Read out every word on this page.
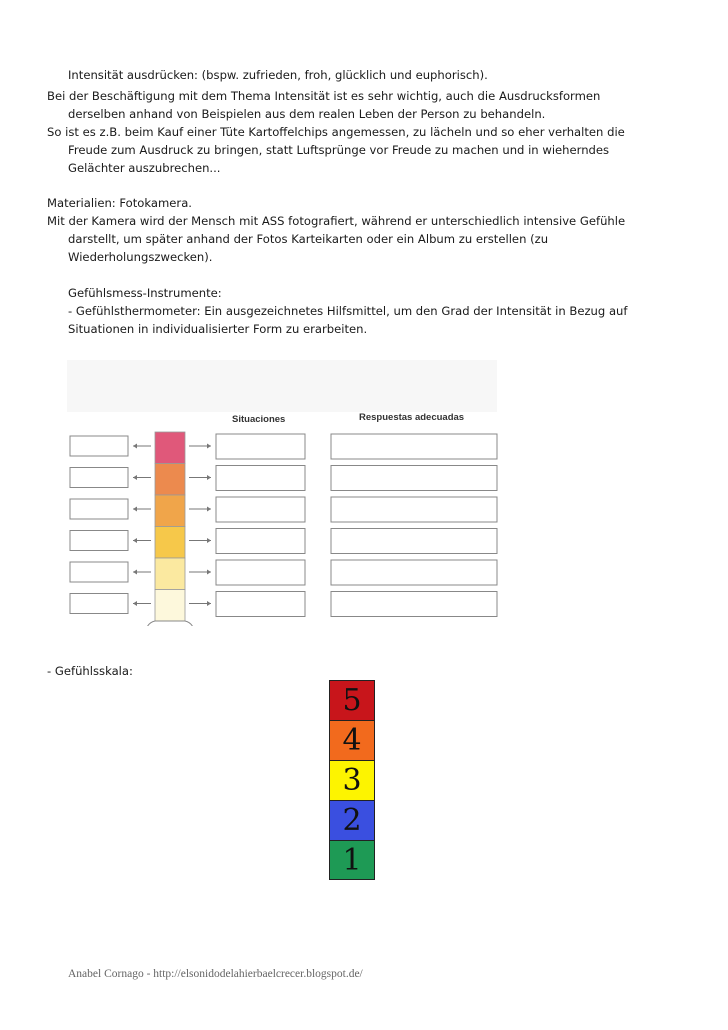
Intensität ausdrücken: (bspw. zufrieden, froh, glücklich und euphorisch).
Bei der Beschäftigung mit dem Thema Intensität ist es sehr wichtig, auch die Ausdrucksformen
derselben anhand von Beispielen aus dem realen Leben der Person zu behandeln.
So ist es z.B. beim Kauf einer Tüte Kartoffelchips angemessen, zu lächeln und so eher verhalten die
Freude zum Ausdruck zu bringen, statt Luftsprünge vor Freude zu machen und in wieherndes
Gelächter auszubrechen...
Materialien: Fotokamera.
Mit der Kamera wird der Mensch mit ASS fotografiert, während er unterschiedlich intensive Gefühle
darstellt, um später anhand der Fotos Karteikarten oder ein Album zu erstellen (zu
Wiederholungszwecken).
Gefühlsmess-Instrumente:
- Gefühlsthermometer: Ein ausgezeichnetes Hilfsmittel, um den Grad der Intensität in Bezug auf
Situationen in individualisierter Form zu erarbeiten.
Situaciones	Respuestas adecuadas
- Gefühlsskala:
5
4
3
2
1
Anabel Cornago - http://elsonidodelahierbaelcrecer.blogspot.de/
